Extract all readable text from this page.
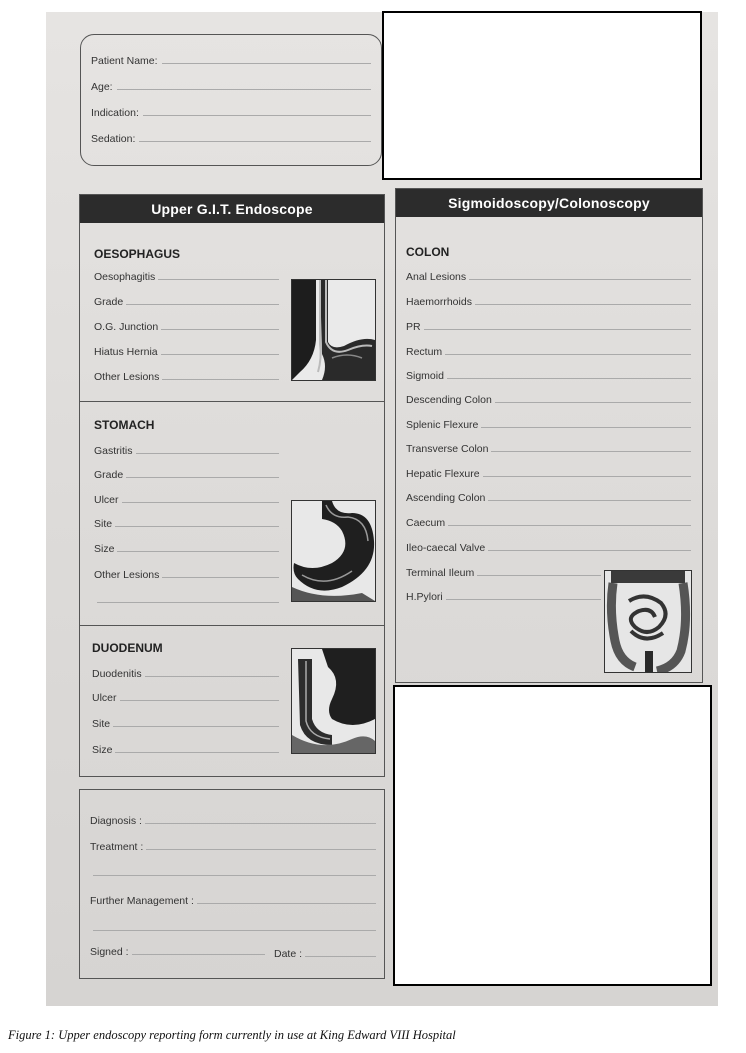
Patient Name:
Age:
Indication:
Sedation:
Upper G.I.T. Endoscope
OESOPHAGUS
Oesophagitis
Grade
O.G. Junction
Hiatus Hernia
Other Lesions
STOMACH
Gastritis
Grade
Ulcer
Site
Size
Other Lesions
DUODENUM
Duodenitis
Ulcer
Site
Size
Sigmoidoscopy/Colonoscopy
COLON
Anal Lesions
Haemorrhoids
PR
Rectum
Sigmoid
Descending Colon
Splenic Flexure
Transverse Colon
Hepatic Flexure
Ascending Colon
Caecum
Ileo-caecal Valve
Terminal Ileum
H.Pylori
Diagnosis :
Treatment :
Further Management :
Signed :	Date :
Figure 1: Upper endoscopy reporting form currently in use at King Edward VIII Hospital
